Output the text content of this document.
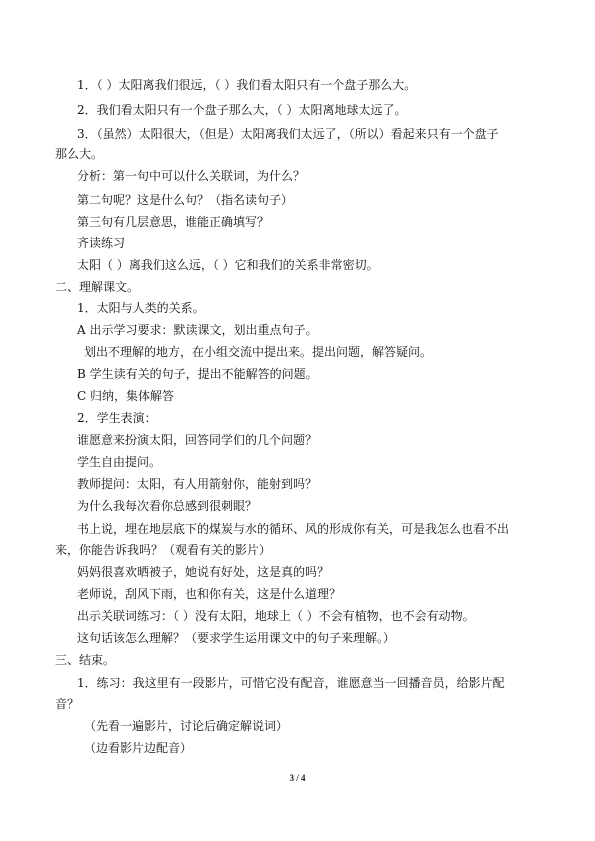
1．（ ）太阳离我们很远，（ ）我们看太阳只有一个盘子那么大。
2．我们看太阳只有一个盘子那么大，（ ）太阳离地球太远了。
3．（虽然）太阳很大，（但是）太阳离我们太远了，（所以）看起来只有一个盘子
那么大。
分析：第一句中可以什么关联词，为什么？
第二句呢？这是什么句？（指名读句子）
第三句有几层意思，谁能正确填写？
齐读练习
太阳（ ）离我们这么远，（ ）它和我们的关系非常密切。
二、理解课文。
1．太阳与人类的关系。
A 出示学习要求：默读课文，划出重点句子。
划出不理解的地方，在小组交流中提出来。提出问题，解答疑问。
B 学生读有关的句子，提出不能解答的问题。
C 归纳，集体解答
2．学生表演：
谁愿意来扮演太阳，回答同学们的几个问题？
学生自由提问。
教师提问：太阳，有人用箭射你，能射到吗？
为什么我每次看你总感到很刺眼？
书上说，埋在地层底下的煤炭与水的循环、风的形成你有关，可是我怎么也看不出
来，你能告诉我吗？（观看有关的影片）
妈妈很喜欢晒被子，她说有好处，这是真的吗？
老师说，刮风下雨，也和你有关，这是什么道理？
出示关联词练习：（ ）没有太阳，地球上（ ）不会有植物，也不会有动物。
这句话该怎么理解？（要求学生运用课文中的句子来理解。）
三、结束。
1．练习：我这里有一段影片，可惜它没有配音，谁愿意当一回播音员，给影片配
音？
（先看一遍影片，讨论后确定解说词）
（边看影片边配音）
3 / 4
